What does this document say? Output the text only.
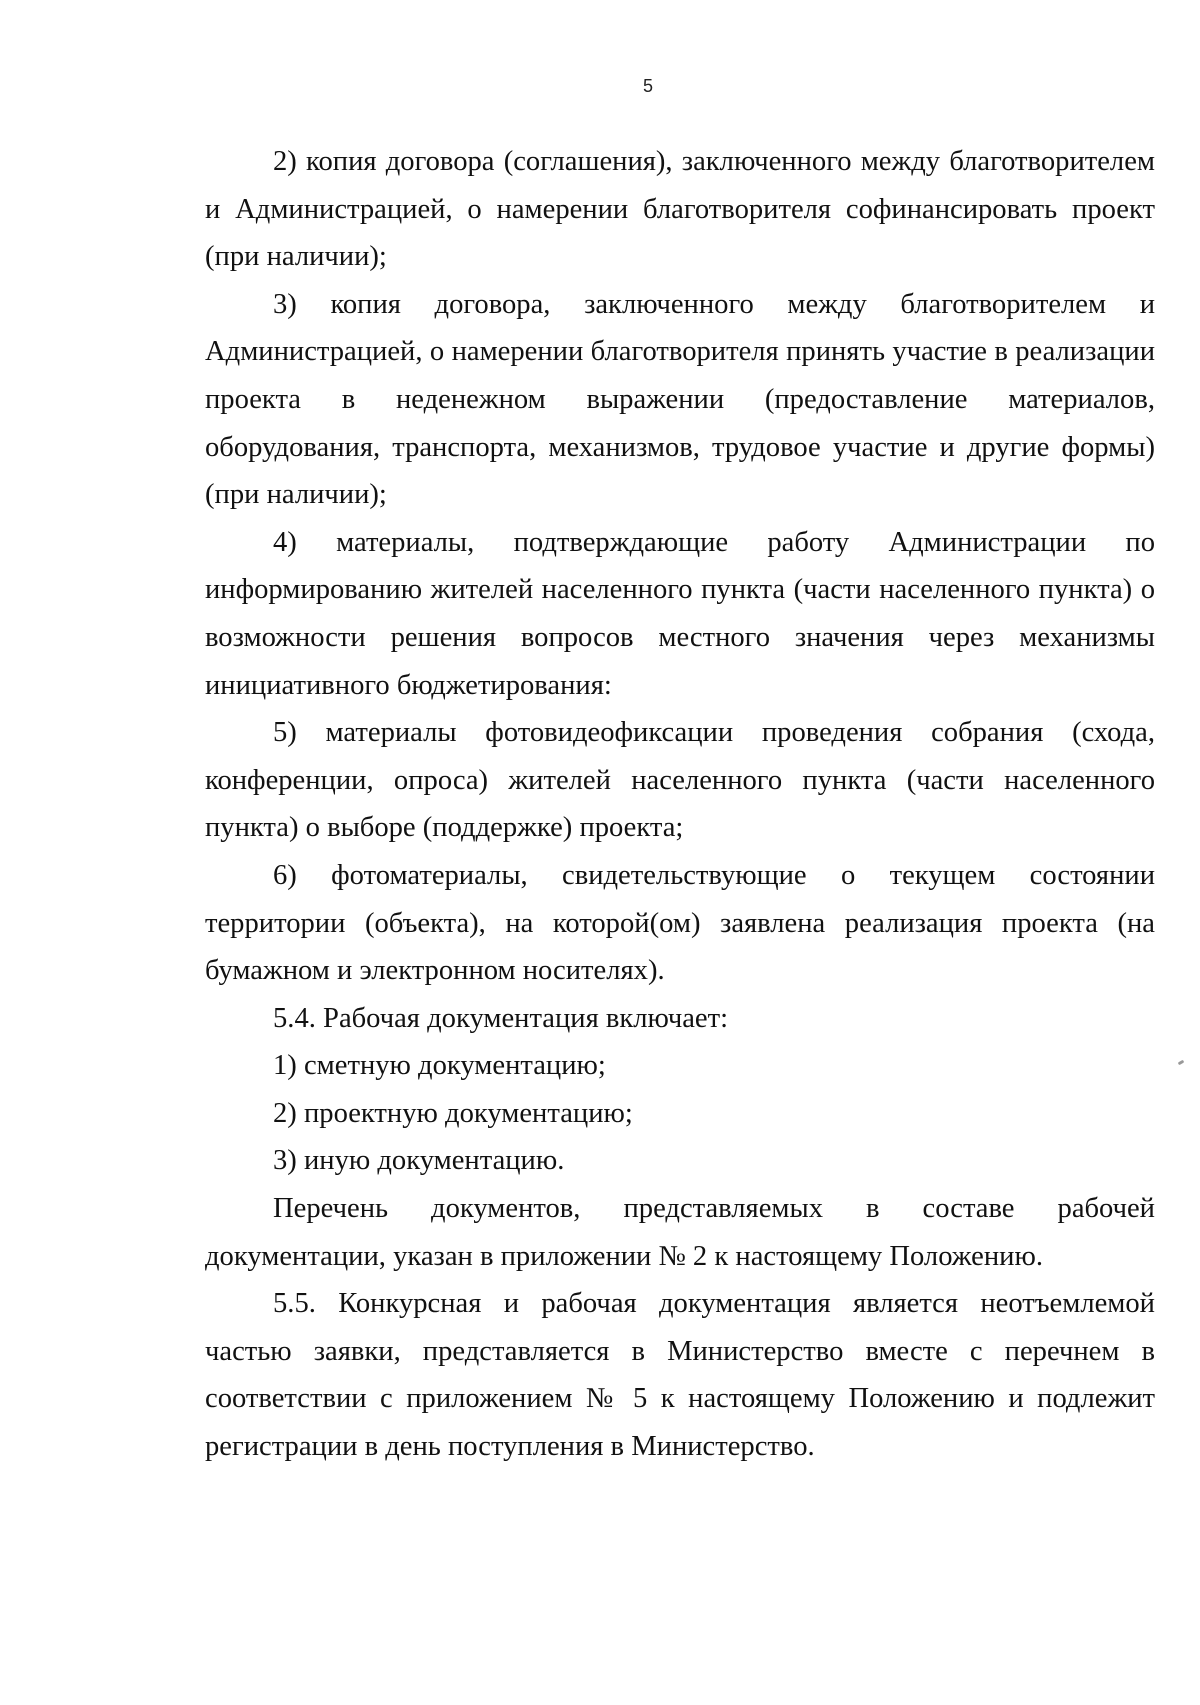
5

2) копия договора (соглашения), заключенного между благотворителем и Администрацией, о намерении благотворителя софинансировать проект (при наличии);

3) копия договора, заключенного между благотворителем и Администрацией, о намерении благотворителя принять участие в реализации проекта в неденежном выражении (предоставление материалов, оборудования, транспорта, механизмов, трудовое участие и другие формы) (при наличии);

4) материалы, подтверждающие работу Администрации по информированию жителей населенного пункта (части населенного пункта) о возможности решения вопросов местного значения через механизмы инициативного бюджетирования:

5) материалы фотовидеофиксации проведения собрания (схода, конференции, опроса) жителей населенного пункта (части населенного пункта) о выборе (поддержке) проекта;

6) фотоматериалы, свидетельствующие о текущем состоянии территории (объекта), на которой(ом) заявлена реализация проекта (на бумажном и электронном носителях).

5.4. Рабочая документация включает:

1) сметную документацию;

2) проектную документацию;

3) иную документацию.

Перечень документов, представляемых в составе рабочей документации, указан в приложении № 2 к настоящему Положению.

5.5. Конкурсная и рабочая документация является неотъемлемой частью заявки, представляется в Министерство вместе с перечнем в соответствии с приложением № 5 к настоящему Положению и подлежит регистрации в день поступления в Министерство.
